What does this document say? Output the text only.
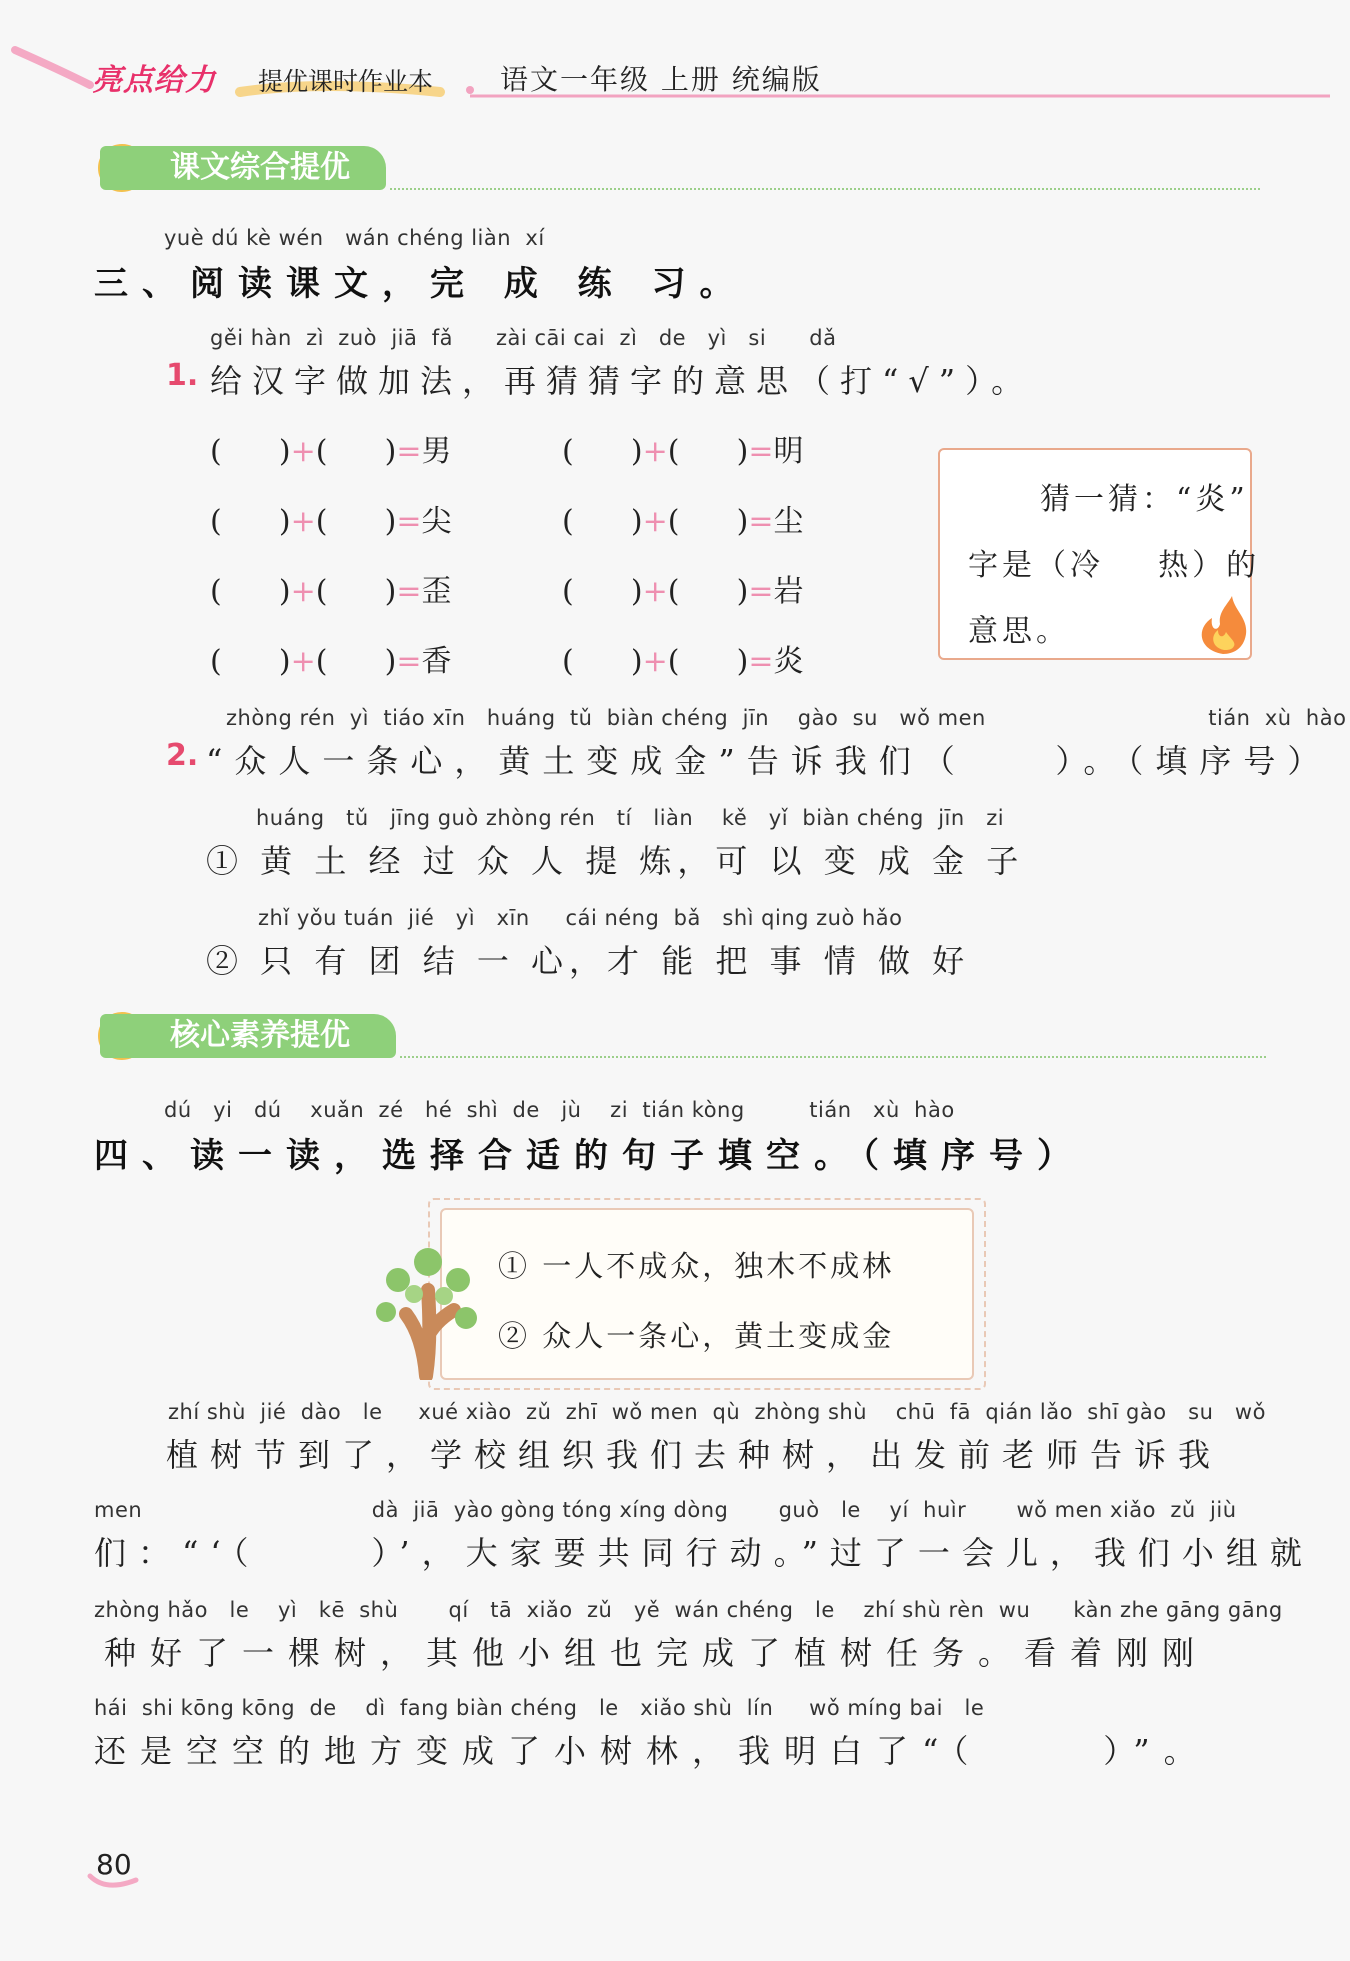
亮点给力 提优课时作业本 语文一年级 上册 统编版
课文综合提优
yuè dú kè wén   wán chéng liàn  xí
三、阅读课文，完 成 练 习。
gěi hàn  zì  zuò  jiā  fǎ      zài cāi cai  zì   de   yì   si      dǎ
1. 给汉字做加法，再猜猜字的意思（打“√”）。
(      )+(      )=男	(      )+(      )=明
(      )+(      )=尖	(      )+(      )=尘
(      )+(      )=歪	(      )+(      )=岩
(      )+(      )=香	(      )+(      )=炎
猜一猜：“炎”
字是（冷    热）的
意思。
zhòng rén  yì  tiáo xīn   huáng  tǔ  biàn chéng  jīn    gào  su   wǒ men                               tián  xù  hào
2. “众人一条心，黄土变成金”告诉我们（    ）。（填序号）
huáng   tǔ   jīng guò zhòng rén   tí   liàn    kě   yǐ  biàn chéng  jīn   zi
① 黄 土 经 过 众 人 提 炼，可 以 变 成 金 子
zhǐ yǒu tuán  jié   yì   xīn     cái néng  bǎ   shì qing zuò hǎo
② 只 有 团 结 一 心，才 能 把 事 情 做 好
核心素养提优
dú   yi   dú    xuǎn  zé   hé  shì  de   jù    zi  tián kòng         tián   xù  hào
四、读一读，选择合适的句子填空。（填序号）
① 一人不成众，独木不成林
② 众人一条心，黄土变成金
zhí shù  jié  dào   le     xué xiào  zǔ  zhī  wǒ men  qù  zhòng shù    chū  fā  qián lǎo  shī gào   su   wǒ
植树节到了，学校组织我们去种树，出发前老师告诉我
men                                dà  jiā  yào gòng tóng xíng dòng       guò   le    yí  huìr       wǒ men xiǎo  zǔ  jiù
们：“‘（     ）’，大家要共同行动。”过了一会儿，我们小组就
zhòng hǎo   le    yì   kē  shù       qí   tā  xiǎo  zǔ   yě  wán chéng   le    zhí shù rèn  wu      kàn zhe gāng gāng
种好了一棵树，其他小组也完成了植树任务。看着刚刚
hái  shi kōng kōng  de    dì  fang biàn chéng   le   xiǎo shù  lín     wǒ míng bai   le
还是空空的地方变成了小树林，我明白了“（     ）”。
80
